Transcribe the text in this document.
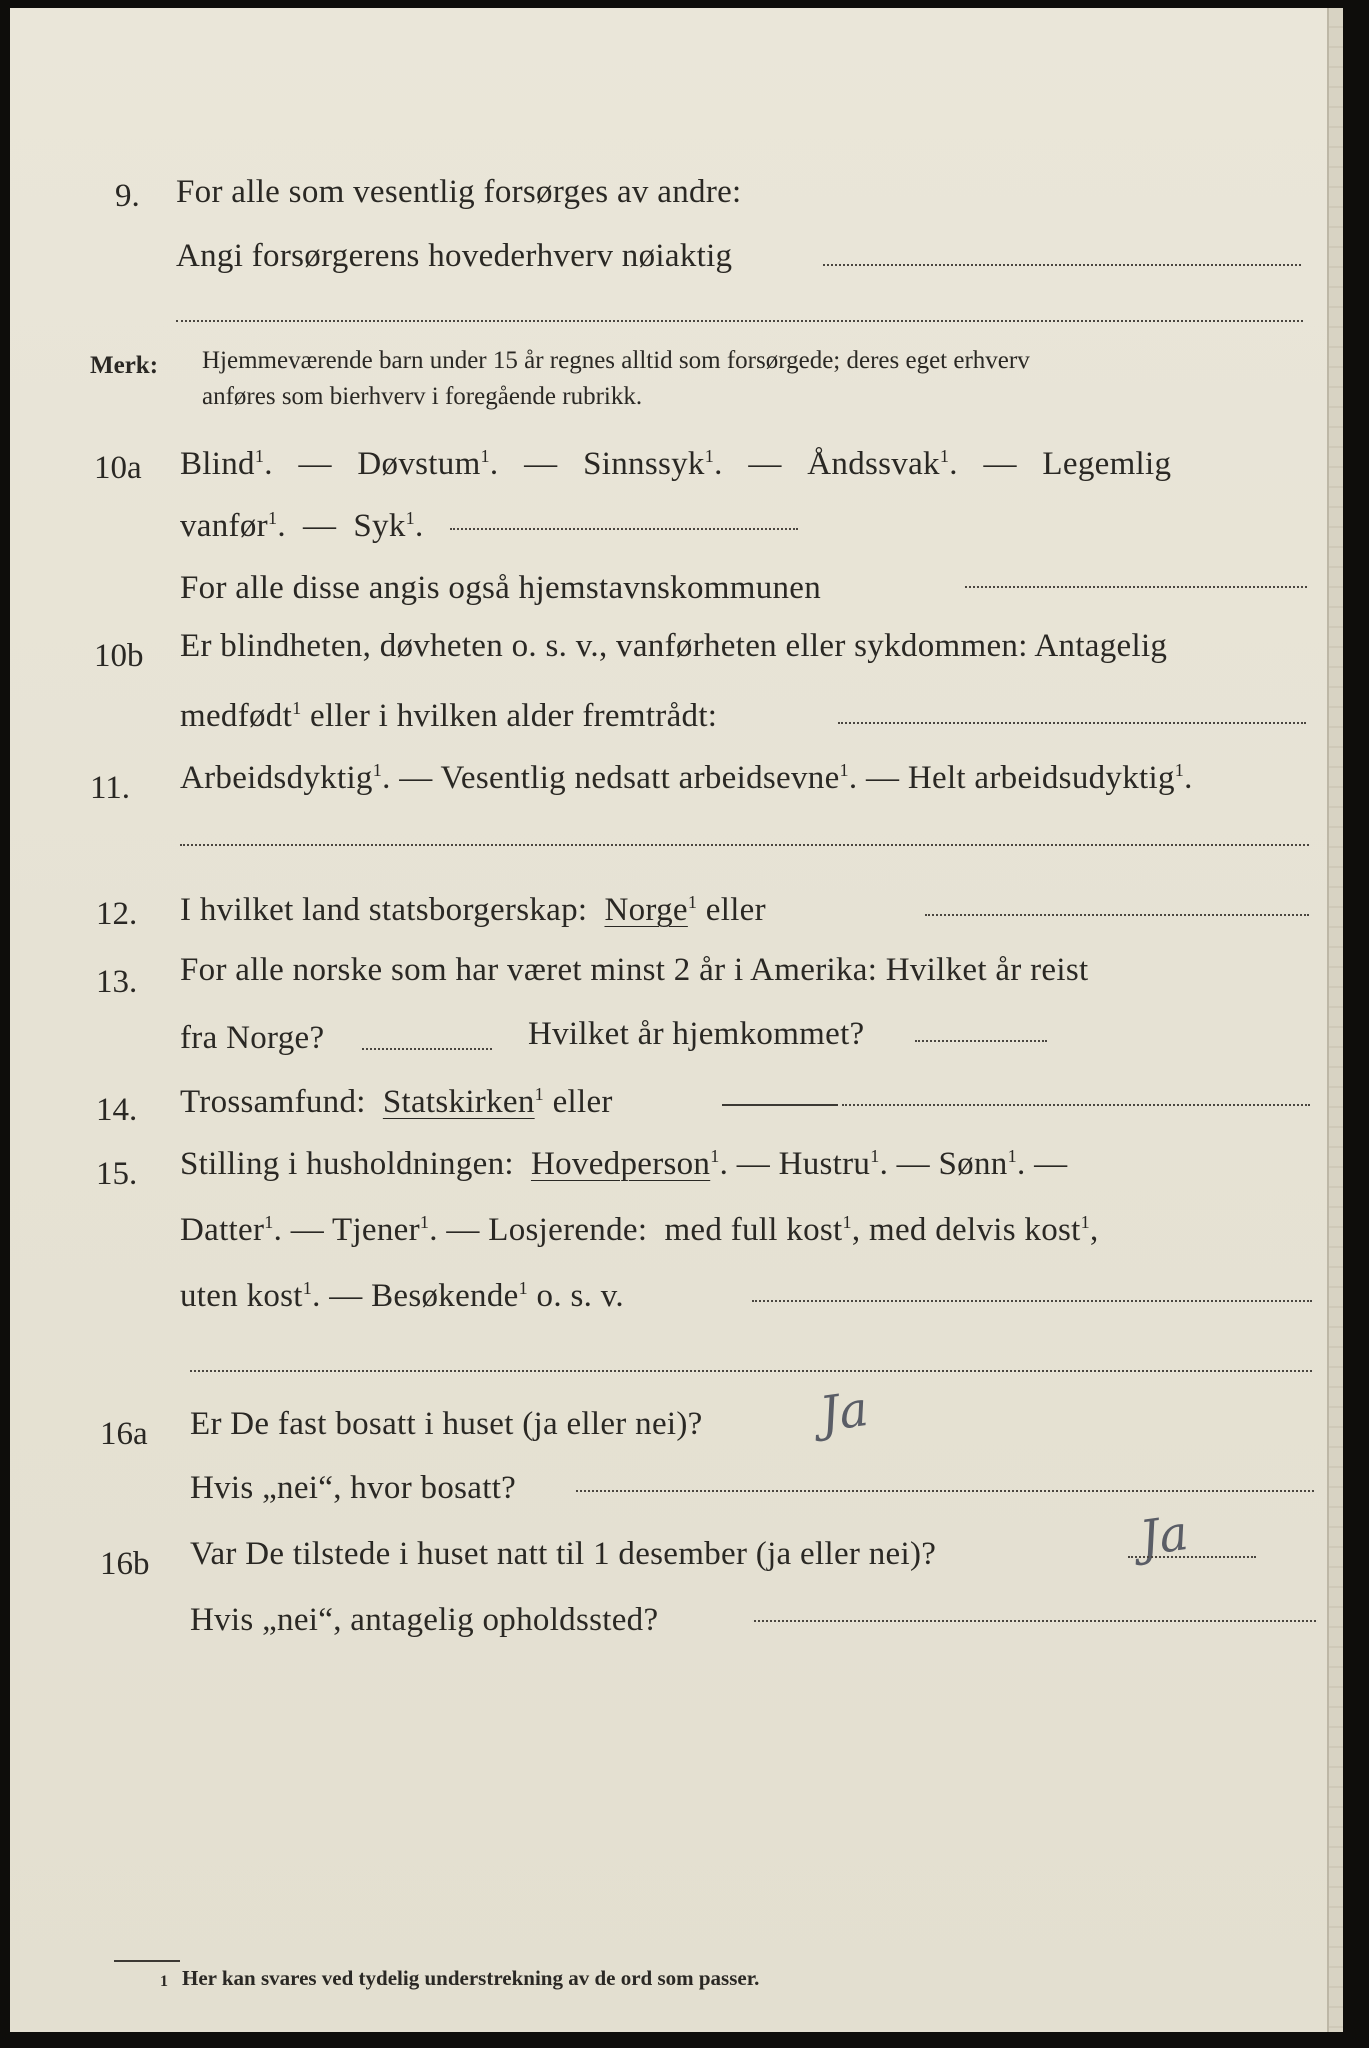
9. For alle som vesentlig forsørges av andre:
Angi forsørgerens hovederhverv nøiaktig
Merk: Hjemmeværende barn under 15 år regnes alltid som forsørgede; deres eget erhverv
anføres som bierhverv i foregående rubrikk.
10a Blind$^1$. — Døvstum$^1$. — Sinnssyk$^1$. — Åndssvak$^1$. — Legemlig
vanfør$^1$. — Syk$^1$.
For alle disse angis også hjemstavnskommunen
10b Er blindheten, døvheten o. s. v., vanførheten eller sykdommen: Antagelig
medfødt$^1$ eller i hvilken alder fremtrådt:
11. Arbeidsdyktig$^1$. — Vesentlig nedsatt arbeidsevne$^1$. — Helt arbeidsudyktig$^1$.
12. I hvilket land statsborgerskap: Norge$^1$ eller
13. For alle norske som har været minst 2 år i Amerika: Hvilket år reist
fra Norge?	Hvilket år hjemkommet?
14. Trossamfund: Statskirken$^1$ eller
15. Stilling i husholdningen: Hovedperson$^1$. — Hustru$^1$. — Sønn$^1$. —
Datter$^1$. — Tjener$^1$. — Losjerende: med full kost$^1$, med delvis kost$^1$,
uten kost$^1$. — Besøkende$^1$ o. s. v.
16a Er De fast bosatt i huset (ja eller nei)? Ja
Hvis „nei“, hvor bosatt?
16b Var De tilstede i huset natt til 1 desember (ja eller nei)?	Ja
Hvis „nei“, antagelig opholdssted?
1 Her kan svares ved tydelig understrekning av de ord som passer.
